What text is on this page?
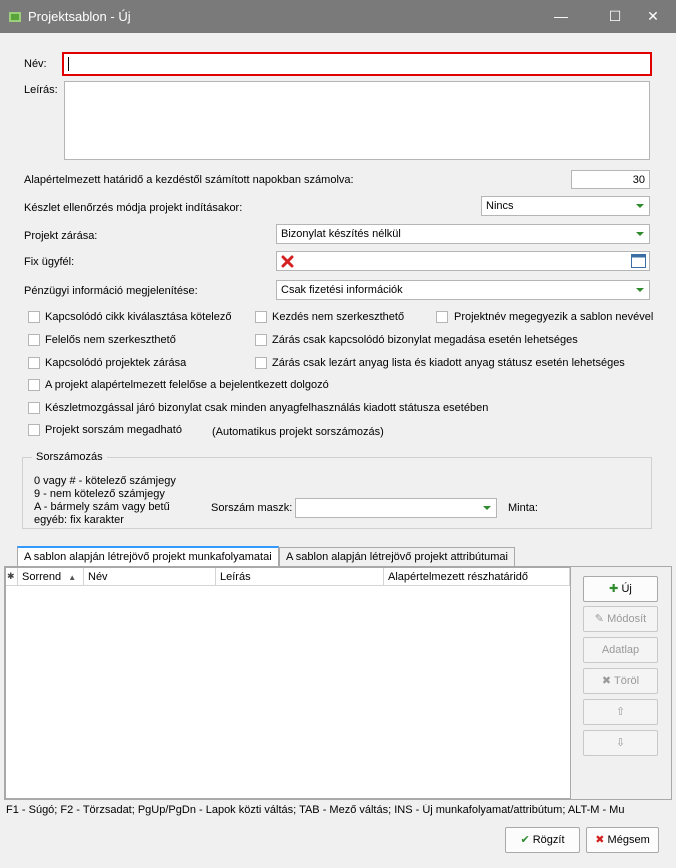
Projektsablon - Új	—	☐	✕
Név:
Leírás:
Alapértelmezett határidő a kezdéstől számított napokban számolva:	30
Készlet ellenőrzés módja projekt indításakor:	Nincs
Projekt zárása:	Bizonylat készítés nélkül
Fix ügyfél:
Pénzügyi információ megjelenítése:	Csak fizetési információk
Kapcsolódó cikk kiválasztása kötelező	Kezdés nem szerkeszthető	Projektnév megegyezik a sablon nevével
Felelős nem szerkeszthető	Zárás csak kapcsolódó bizonylat megadása esetén lehetséges
Kapcsolódó projektek zárása	Zárás csak lezárt anyag lista és kiadott anyag státusz esetén lehetséges
A projekt alapértelmezett felelőse a bejelentkezett dolgozó
Készletmozgással járó bizonylat csak minden anyagfelhasználás kiadott státusza esetében
Projekt sorszám megadható	(Automatikus projekt sorszámozás)
Sorszámozás
0 vagy # - kötelező számjegy
9 - nem kötelező számjegy
A - bármely szám vagy betű
egyéb: fix karakter
Sorszám maszk:	Minta:
A sablon alapján létrejövő projekt munkafolyamatai	A sablon alapján létrejövő projekt attribútumai
✱ Sorrend ▲	Név	Leírás	Alapértelmezett részhatáridő
✚ Új
✎ Módosít
Adatlap
✖ Töröl
⇧
⇩
F1 - Súgó; F2 - Törzsadat; PgUp/PgDn - Lapok közti váltás; TAB - Mező váltás; INS - Új munkafolyamat/attribútum; ALT-M - Mu
✔ Rögzít	✖ Mégsem
